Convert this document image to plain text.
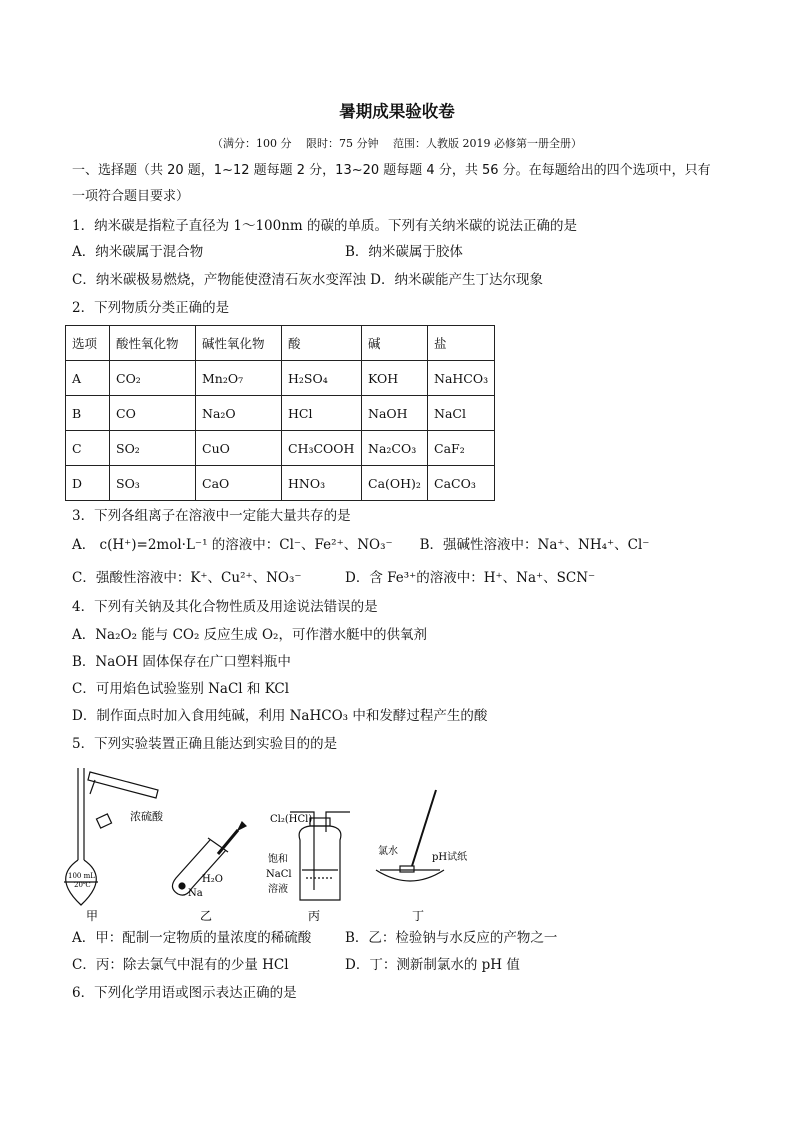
暑期成果验收卷
（满分：100 分　 限时：75 分钟　 范围：人教版 2019 必修第一册全册）
一、选择题（共 20 题，1~12 题每题 2 分，13~20 题每题 4 分，共 56 分。在每题给出的四个选项中，只有
一项符合题目要求）
1．纳米碳是指粒子直径为 1～100nm 的碳的单质。下列有关纳米碳的说法正确的是
A．纳米碳属于混合物	B．纳米碳属于胶体
C．纳米碳极易燃烧，产物能使澄清石灰水变浑浊 D．纳米碳能产生丁达尔现象
2．下列物质分类正确的是
选项	酸性氧化物	碱性氧化物	酸	碱	盐
A	CO₂	Mn₂O₇	H₂SO₄	KOH	NaHCO₃
B	CO	Na₂O	HCl	NaOH	NaCl
C	SO₂	CuO	CH₃COOH	Na₂CO₃	CaF₂
D	SO₃	CaO	HNO₃	Ca(OH)₂	CaCO₃
3．下列各组离子在溶液中一定能大量共存的是
A． c(H⁺)=2mol·L⁻¹ 的溶液中：Cl⁻、Fe²⁺、NO₃⁻　　B．强碱性溶液中：Na⁺、NH₄⁺、Cl⁻
C．强酸性溶液中：K⁺、Cu²⁺、NO₃⁻	D．含 Fe³⁺的溶液中：H⁺、Na⁺、SCN⁻
4．下列有关钠及其化合物性质及用途说法错误的是
A．Na₂O₂ 能与 CO₂ 反应生成 O₂，可作潜水艇中的供氧剂
B．NaOH 固体保存在广口塑料瓶中
C．可用焰色试验鉴别 NaCl 和 KCl
D．制作面点时加入食用纯碱，利用 NaHCO₃ 中和发酵过程产生的酸
5．下列实验装置正确且能达到实验目的的是
浓硫酸
100 mL
20℃	H₂O
Na
Cl₂(HCl)
饱和
NaCl
溶液
氯水
pH试纸
甲	乙	丙	丁
A．甲：配制一定物质的量浓度的稀硫酸	B．乙：检验钠与水反应的产物之一
C．丙：除去氯气中混有的少量 HCl	D．丁：测新制氯水的 pH 值
6．下列化学用语或图示表达正确的是
